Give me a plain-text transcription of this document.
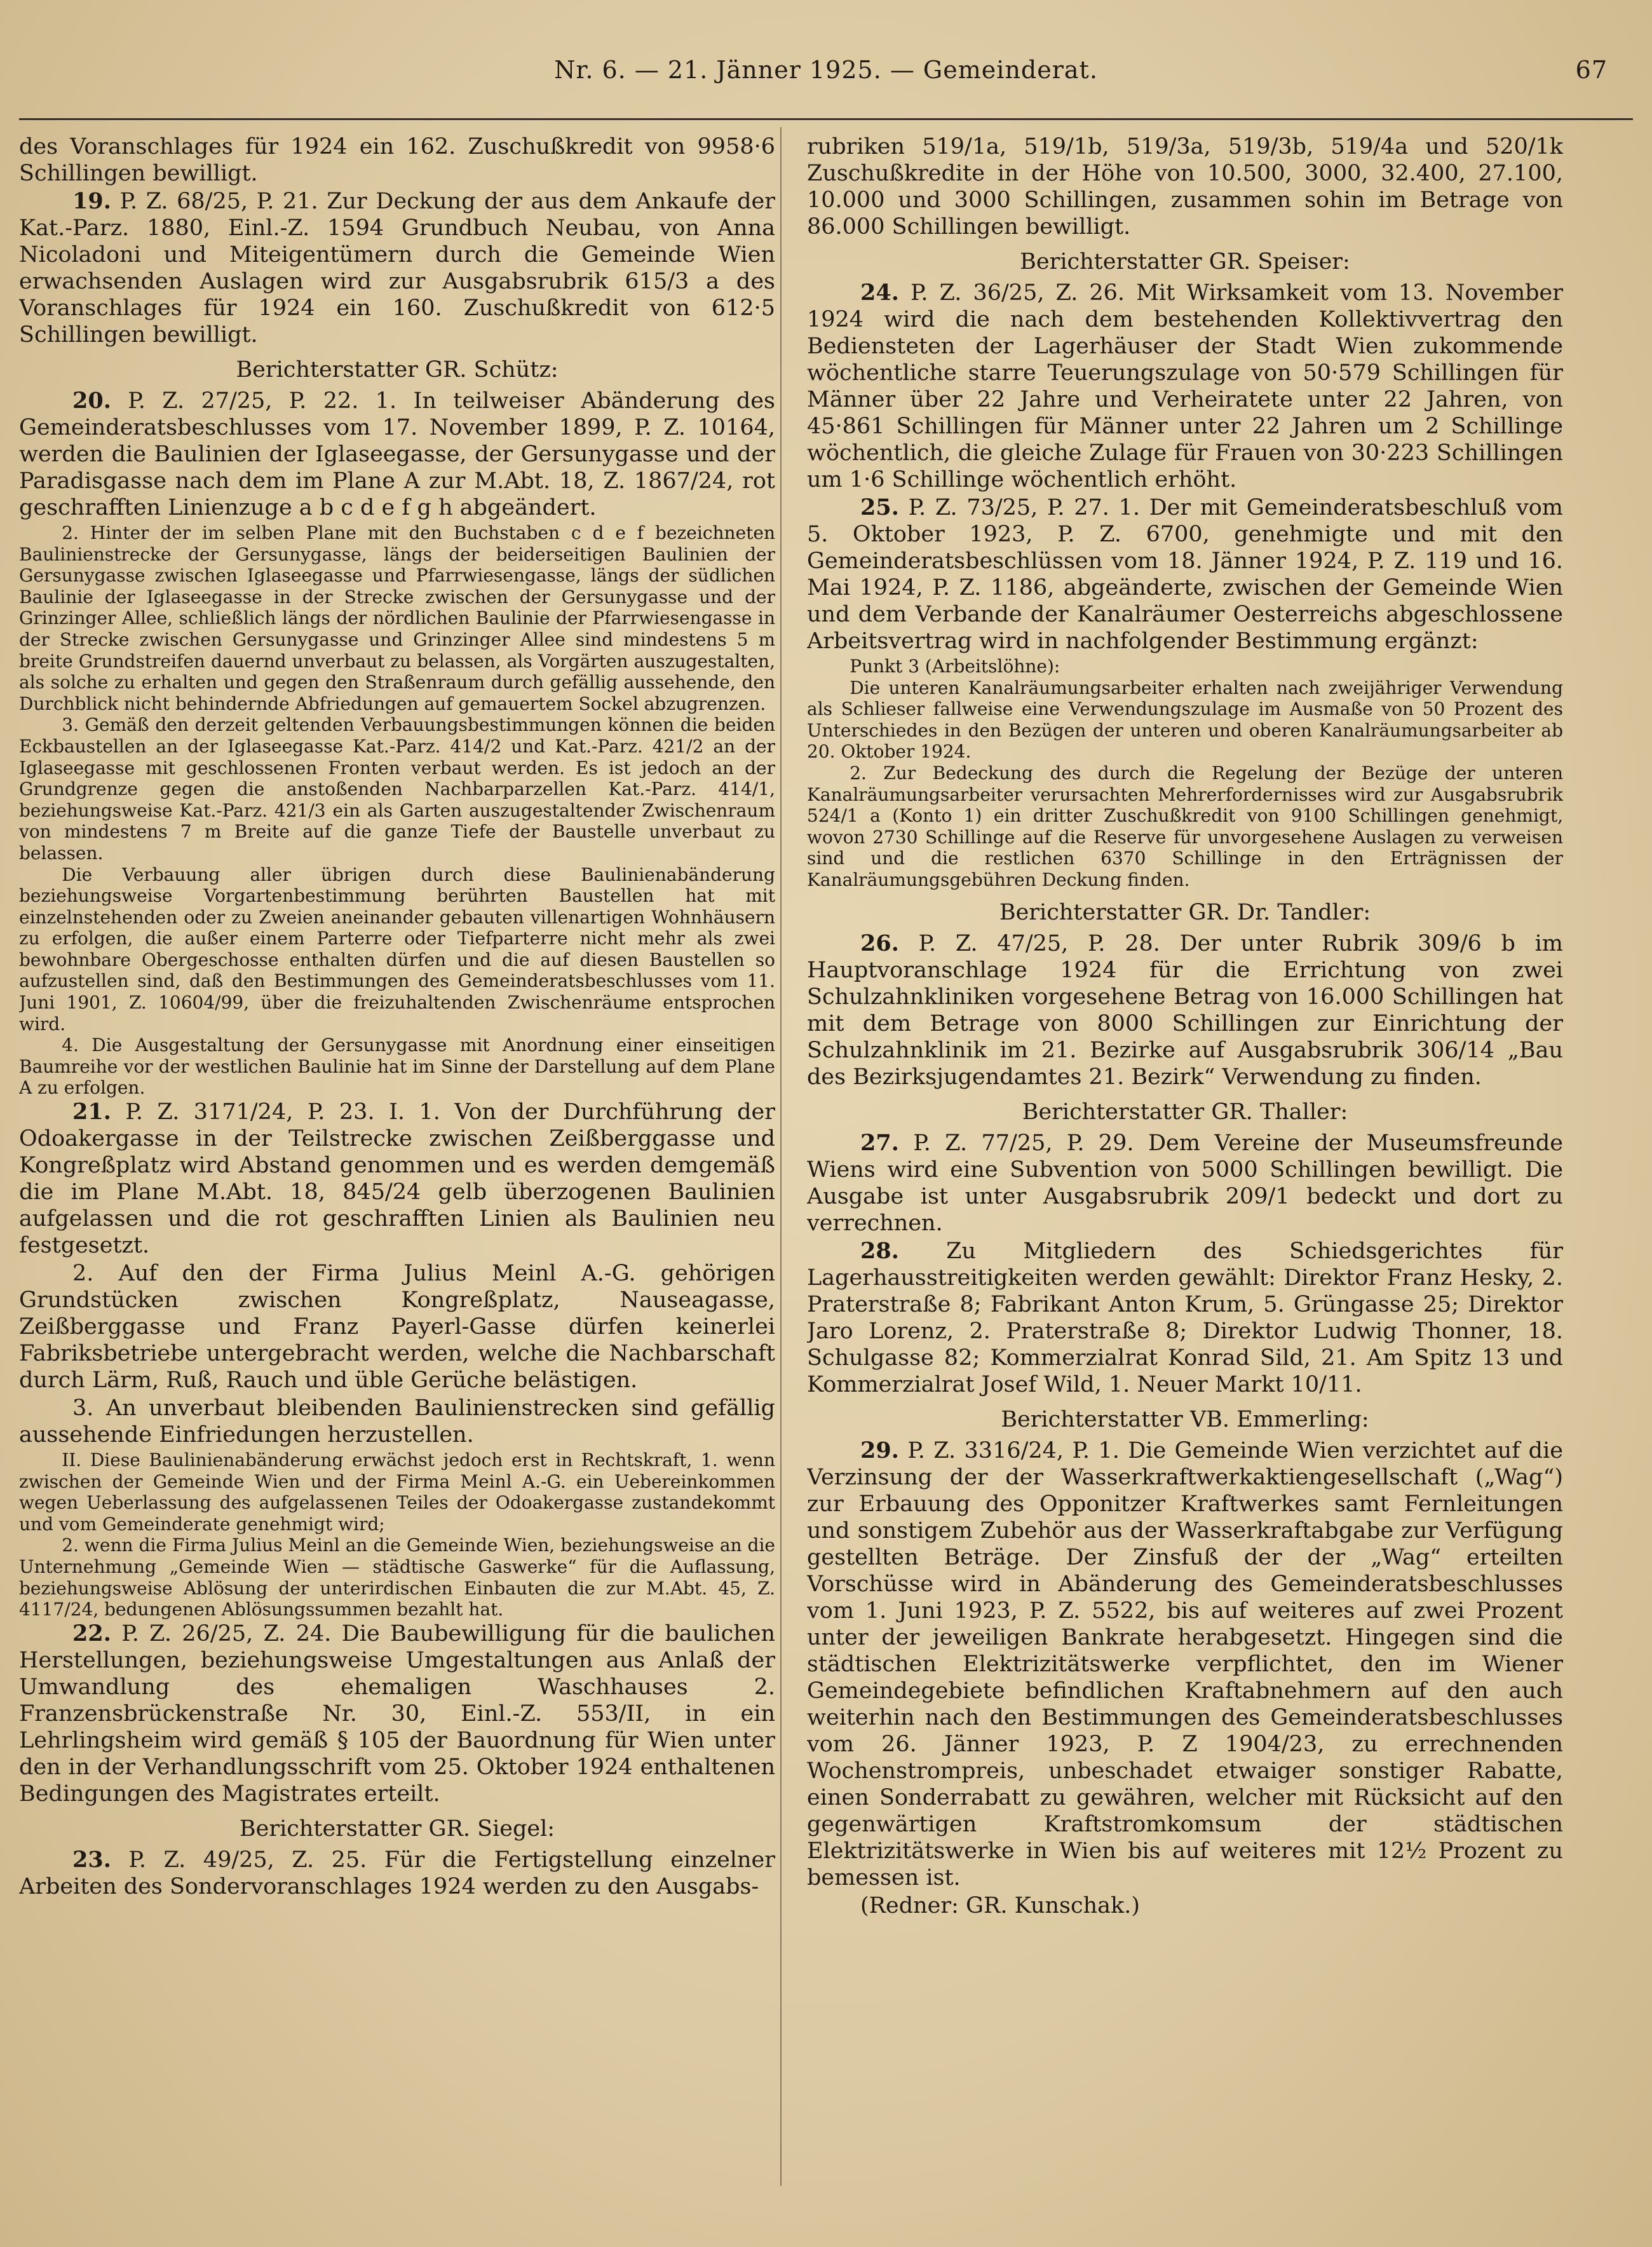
Nr. 6. — 21. Jänner 1925. — Gemeinderat.	67
des Voranschlages für 1924 ein 162. Zuschußkredit von 9958·6 Schillingen bewilligt.
19. P. Z. 68/25, P. 21. Zur Deckung der aus dem Ankaufe der Kat.-Parz. 1880, Einl.-Z. 1594 Grundbuch Neubau, von Anna Nicoladoni und Miteigentümern durch die Gemeinde Wien erwachsenden Auslagen wird zur Ausgabsrubrik 615/3 a des Voranschlages für 1924 ein 160. Zuschußkredit von 612·5 Schillingen bewilligt.
Berichterstatter GR. Schütz:
20. P. Z. 27/25, P. 22. 1. In teilweiser Abänderung des Gemeinderatsbeschlusses vom 17. November 1899, P. Z. 10164, werden die Baulinien der Iglaseegasse, der Gersunygasse und der Paradisgasse nach dem im Plane A zur M.Abt. 18, Z. 1867/24, rot geschrafften Linienzuge a b c d e f g h abgeändert.
2. Hinter der im selben Plane mit den Buchstaben c d e f bezeichneten Baulinienstrecke der Gersunygasse, längs der beiderseitigen Baulinien der Gersunygasse zwischen Iglaseegasse und Pfarrwiesengasse, längs der südlichen Baulinie der Iglaseegasse in der Strecke zwischen der Gersunygasse und der Grinzinger Allee, schließlich längs der nördlichen Baulinie der Pfarrwiesengasse in der Strecke zwischen Gersunygasse und Grinzinger Allee sind mindestens 5 m breite Grundstreifen dauernd unverbaut zu belassen, als Vorgärten auszugestalten, als solche zu erhalten und gegen den Straßenraum durch gefällig aussehende, den Durchblick nicht behindernde Abfriedungen auf gemauertem Sockel abzugrenzen.
3. Gemäß den derzeit geltenden Verbauungsbestimmungen können die beiden Eckbaustellen an der Iglaseegasse Kat.-Parz. 414/2 und Kat.-Parz. 421/2 an der Iglaseegasse mit geschlossenen Fronten verbaut werden. Es ist jedoch an der Grundgrenze gegen die anstoßenden Nachbarparzellen Kat.-Parz. 414/1, beziehungsweise Kat.-Parz. 421/3 ein als Garten auszugestaltender Zwischenraum von mindestens 7 m Breite auf die ganze Tiefe der Baustelle unverbaut zu belassen.
Die Verbauung aller übrigen durch diese Baulinienabänderung beziehungsweise Vorgartenbestimmung berührten Baustellen hat mit einzelnstehenden oder zu Zweien aneinander gebauten villenartigen Wohnhäusern zu erfolgen, die außer einem Parterre oder Tiefparterre nicht mehr als zwei bewohnbare Obergeschosse enthalten dürfen und die auf diesen Baustellen so aufzustellen sind, daß den Bestimmungen des Gemeinderatsbeschlusses vom 11. Juni 1901, Z. 10604/99, über die freizuhaltenden Zwischenräume entsprochen wird.
4. Die Ausgestaltung der Gersunygasse mit Anordnung einer einseitigen Baumreihe vor der westlichen Baulinie hat im Sinne der Darstellung auf dem Plane A zu erfolgen.
21. P. Z. 3171/24, P. 23. I. 1. Von der Durchführung der Odoakergasse in der Teilstrecke zwischen Zeißberggasse und Kongreßplatz wird Abstand genommen und es werden demgemäß die im Plane M.Abt. 18, 845/24 gelb überzogenen Baulinien aufgelassen und die rot geschrafften Linien als Baulinien neu festgesetzt.
2. Auf den der Firma Julius Meinl A.-G. gehörigen Grundstücken zwischen Kongreßplatz, Nauseagasse, Zeißberggasse und Franz Payerl-Gasse dürfen keinerlei Fabriksbetriebe untergebracht werden, welche die Nachbarschaft durch Lärm, Ruß, Rauch und üble Gerüche belästigen.
3. An unverbaut bleibenden Baulinienstrecken sind gefällig aussehende Einfriedungen herzustellen.
II. Diese Baulinienabänderung erwächst jedoch erst in Rechtskraft, 1. wenn zwischen der Gemeinde Wien und der Firma Meinl A.-G. ein Uebereinkommen wegen Ueberlassung des aufgelassenen Teiles der Odoakergasse zustandekommt und vom Gemeinderate genehmigt wird;
2. wenn die Firma Julius Meinl an die Gemeinde Wien, beziehungsweise an die Unternehmung „Gemeinde Wien — städtische Gaswerke“ für die Auflassung, beziehungsweise Ablösung der unterirdischen Einbauten die zur M.Abt. 45, Z. 4117/24, bedungenen Ablösungssummen bezahlt hat.
22. P. Z. 26/25, Z. 24. Die Baubewilligung für die baulichen Herstellungen, beziehungsweise Umgestaltungen aus Anlaß der Umwandlung des ehemaligen Waschhauses 2. Franzensbrückenstraße Nr. 30, Einl.-Z. 553/II, in ein Lehrlingsheim wird gemäß § 105 der Bauordnung für Wien unter den in der Verhandlungsschrift vom 25. Oktober 1924 enthaltenen Bedingungen des Magistrates erteilt.
Berichterstatter GR. Siegel:
23. P. Z. 49/25, Z. 25. Für die Fertigstellung einzelner Arbeiten des Sondervoranschlages 1924 werden zu den Ausgabs-
rubriken 519/1a, 519/1b, 519/3a, 519/3b, 519/4a und 520/1k Zuschußkredite in der Höhe von 10.500, 3000, 32.400, 27.100, 10.000 und 3000 Schillingen, zusammen sohin im Betrage von 86.000 Schillingen bewilligt.
Berichterstatter GR. Speiser:
24. P. Z. 36/25, Z. 26. Mit Wirksamkeit vom 13. November 1924 wird die nach dem bestehenden Kollektivvertrag den Bediensteten der Lagerhäuser der Stadt Wien zukommende wöchentliche starre Teuerungszulage von 50·579 Schillingen für Männer über 22 Jahre und Verheiratete unter 22 Jahren, von 45·861 Schillingen für Männer unter 22 Jahren um 2 Schillinge wöchentlich, die gleiche Zulage für Frauen von 30·223 Schillingen um 1·6 Schillinge wöchentlich erhöht.
25. P. Z. 73/25, P. 27. 1. Der mit Gemeinderatsbeschluß vom 5. Oktober 1923, P. Z. 6700, genehmigte und mit den Gemeinderatsbeschlüssen vom 18. Jänner 1924, P. Z. 119 und 16. Mai 1924, P. Z. 1186, abgeänderte, zwischen der Gemeinde Wien und dem Verbande der Kanalräumer Oesterreichs abgeschlossene Arbeitsvertrag wird in nachfolgender Bestimmung ergänzt:
Punkt 3 (Arbeitslöhne):
Die unteren Kanalräumungsarbeiter erhalten nach zweijähriger Verwendung als Schlieser fallweise eine Verwendungszulage im Ausmaße von 50 Prozent des Unterschiedes in den Bezügen der unteren und oberen Kanalräumungsarbeiter ab 20. Oktober 1924.
2. Zur Bedeckung des durch die Regelung der Bezüge der unteren Kanalräumungsarbeiter verursachten Mehrerfordernisses wird zur Ausgabsrubrik 524/1 a (Konto 1) ein dritter Zuschußkredit von 9100 Schillingen genehmigt, wovon 2730 Schillinge auf die Reserve für unvorgesehene Auslagen zu verweisen sind und die restlichen 6370 Schillinge in den Erträgnissen der Kanalräumungsgebühren Deckung finden.
Berichterstatter GR. Dr. Tandler:
26. P. Z. 47/25, P. 28. Der unter Rubrik 309/6 b im Hauptvoranschlage 1924 für die Errichtung von zwei Schulzahnkliniken vorgesehene Betrag von 16.000 Schillingen hat mit dem Betrage von 8000 Schillingen zur Einrichtung der Schulzahnklinik im 21. Bezirke auf Ausgabsrubrik 306/14 „Bau des Bezirksjugendamtes 21. Bezirk“ Verwendung zu finden.
Berichterstatter GR. Thaller:
27. P. Z. 77/25, P. 29. Dem Vereine der Museumsfreunde Wiens wird eine Subvention von 5000 Schillingen bewilligt. Die Ausgabe ist unter Ausgabsrubrik 209/1 bedeckt und dort zu verrechnen.
28. Zu Mitgliedern des Schiedsgerichtes für Lagerhausstreitigkeiten werden gewählt: Direktor Franz Hesky, 2. Praterstraße 8; Fabrikant Anton Krum, 5. Grüngasse 25; Direktor Jaro Lorenz, 2. Praterstraße 8; Direktor Ludwig Thonner, 18. Schulgasse 82; Kommerzialrat Konrad Sild, 21. Am Spitz 13 und Kommerzialrat Josef Wild, 1. Neuer Markt 10/11.
Berichterstatter VB. Emmerling:
29. P. Z. 3316/24, P. 1. Die Gemeinde Wien verzichtet auf die Verzinsung der der Wasserkraftwerkaktiengesellschaft („Wag“) zur Erbauung des Opponitzer Kraftwerkes samt Fernleitungen und sonstigem Zubehör aus der Wasserkraftabgabe zur Verfügung gestellten Beträge. Der Zinsfuß der der „Wag“ erteilten Vorschüsse wird in Abänderung des Gemeinderatsbeschlusses vom 1. Juni 1923, P. Z. 5522, bis auf weiteres auf zwei Prozent unter der jeweiligen Bankrate herabgesetzt. Hingegen sind die städtischen Elektrizitätswerke verpflichtet, den im Wiener Gemeindegebiete befindlichen Kraftabnehmern auf den auch weiterhin nach den Bestimmungen des Gemeinderatsbeschlusses vom 26. Jänner 1923, P. Z 1904/23, zu errechnenden Wochenstrompreis, unbeschadet etwaiger sonstiger Rabatte, einen Sonderrabatt zu gewähren, welcher mit Rücksicht auf den gegenwärtigen Kraftstromkomsum der städtischen Elektrizitätswerke in Wien bis auf weiteres mit 12½ Prozent zu bemessen ist.
(Redner: GR. Kunschak.)
